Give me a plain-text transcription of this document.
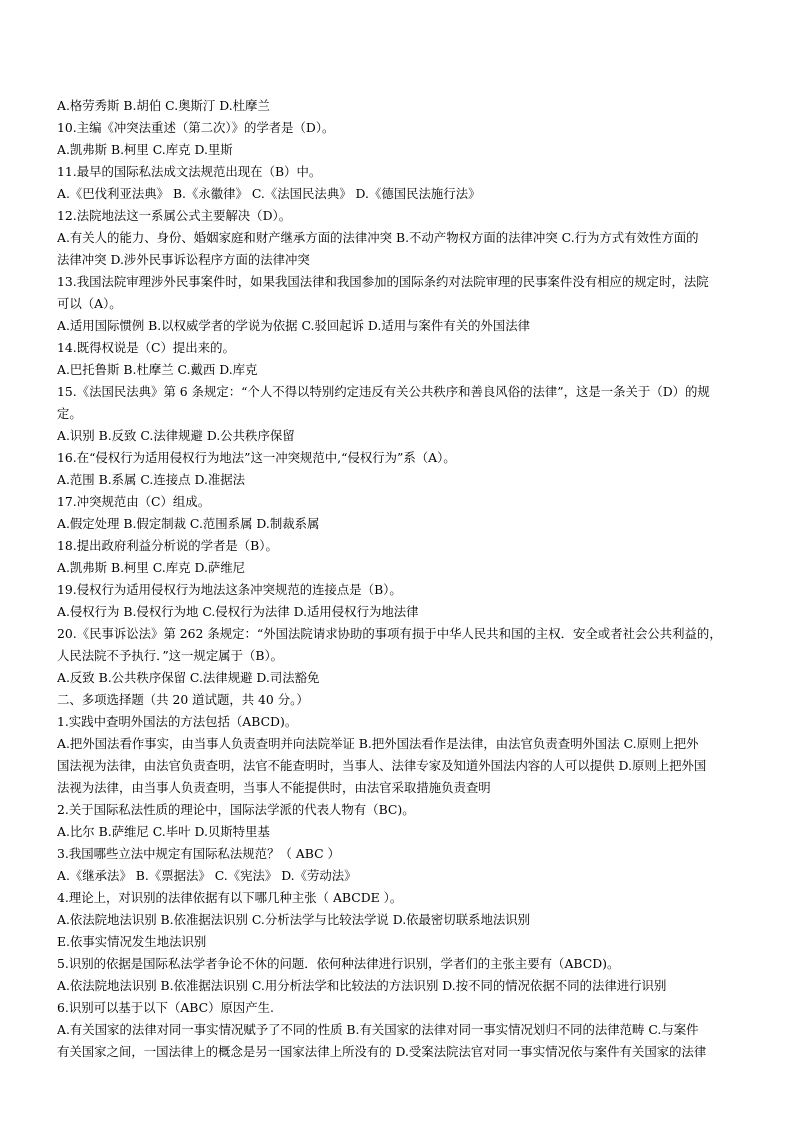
A.格劳秀斯 B.胡伯 C.奥斯汀 D.杜摩兰
10.主编《冲突法重述（第二次）》的学者是（D）。
A.凯弗斯 B.柯里 C.库克 D.里斯
11.最早的国际私法成文法规范出现在（B）中。
A.《巴伐利亚法典》 B.《永徽律》 C.《法国民法典》 D.《德国民法施行法》
12.法院地法这一系属公式主要解决（D）。
A.有关人的能力、身份、婚姻家庭和财产继承方面的法律冲突 B.不动产物权方面的法律冲突 C.行为方式有效性方面的
法律冲突 D.涉外民事诉讼程序方面的法律冲突
13.我国法院审理涉外民事案件时，如果我国法律和我国参加的国际条约对法院审理的民事案件没有相应的规定时，法院
可以（A）。
A.适用国际惯例 B.以权威学者的学说为依据 C.驳回起诉 D.适用与案件有关的外国法律
14.既得权说是（C）提出来的。
A.巴托鲁斯 B.杜摩兰 C.戴西 D.库克
15.《法国民法典》第 6 条规定：“个人不得以特别约定违反有关公共秩序和善良风俗的法律”，这是一条关于（D）的规
定。
A.识别 B.反致 C.法律规避 D.公共秩序保留
16.在“侵权行为适用侵权行为地法”这一冲突规范中,“侵权行为”系（A）。
A.范围 B.系属 C.连接点 D.准据法
17.冲突规范由（C）组成。
A.假定处理 B.假定制裁 C.范围系属 D.制裁系属
18.提出政府利益分析说的学者是（B）。
A.凯弗斯 B.柯里 C.库克 D.萨维尼
19.侵权行为适用侵权行为地法这条冲突规范的连接点是（B）。
A.侵权行为 B.侵权行为地 C.侵权行为法律 D.适用侵权行为地法律
20.《民事诉讼法》第 262 条规定：“外国法院请求协助的事项有损于中华人民共和国的主权．安全或者社会公共利益的，
人民法院不予执行．”这一规定属于（B）。
A.反致 B.公共秩序保留 C.法律规避 D.司法豁免
二、多项选择题（共 20 道试题，共 40 分。）
1.实践中查明外国法的方法包括（ABCD)。
A.把外国法看作事实，由当事人负责查明并向法院举证 B.把外国法看作是法律，由法官负责查明外国法 C.原则上把外
国法视为法律，由法官负责查明，法官不能查明时，当事人、法律专家及知道外国法内容的人可以提供 D.原则上把外国
法视为法律，由当事人负责查明，当事人不能提供时，由法官采取措施负责查明
2.关于国际私法性质的理论中，国际法学派的代表人物有（BC)。
A.比尔 B.萨维尼 C.毕叶 D.贝斯特里基
3.我国哪些立法中规定有国际私法规范？（ ABC ）
A.《继承法》 B.《票据法》 C.《宪法》 D.《劳动法》
4.理论上，对识别的法律依据有以下哪几种主张（ ABCDE ）。
A.依法院地法识别 B.依准据法识别 C.分析法学与比较法学说 D.依最密切联系地法识别
E.依事实情况发生地法识别
5.识别的依据是国际私法学者争论不休的问题．依何种法律进行识别，学者们的主张主要有（ABCD)。
A.依法院地法识别 B.依准据法识别 C.用分析法学和比较法的方法识别 D.按不同的情况依据不同的法律进行识别
6.识别可以基于以下（ABC）原因产生.
A.有关国家的法律对同一事实情况赋予了不同的性质 B.有关国家的法律对同一事实情况划归不同的法律范畴 C.与案件
有关国家之间，一国法律上的概念是另一国家法律上所没有的 D.受案法院法官对同一事实情况依与案件有关国家的法律
